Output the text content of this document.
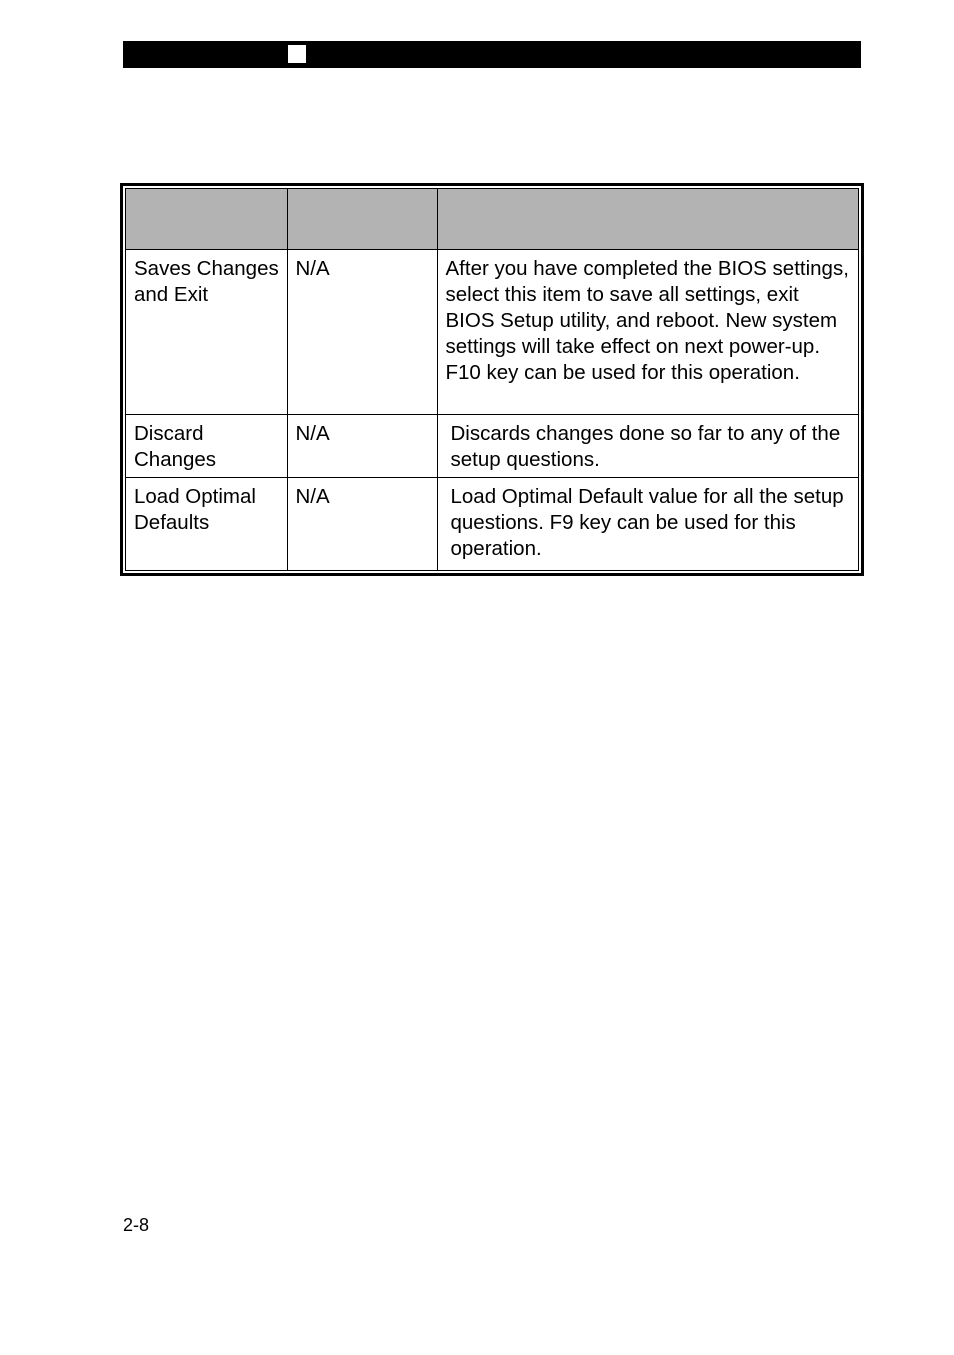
Saves Changes and Exit	N/A	After you have completed the BIOS settings, select this item to save all settings, exit BIOS Setup utility, and reboot. New system settings will take effect on next power-up. F10 key can be used for this operation.
Discard Changes	N/A	Discards changes done so far to any of the setup questions.
Load Optimal Defaults	N/A	Load Optimal Default value for all the setup questions. F9 key can be used for this operation.
2-8
